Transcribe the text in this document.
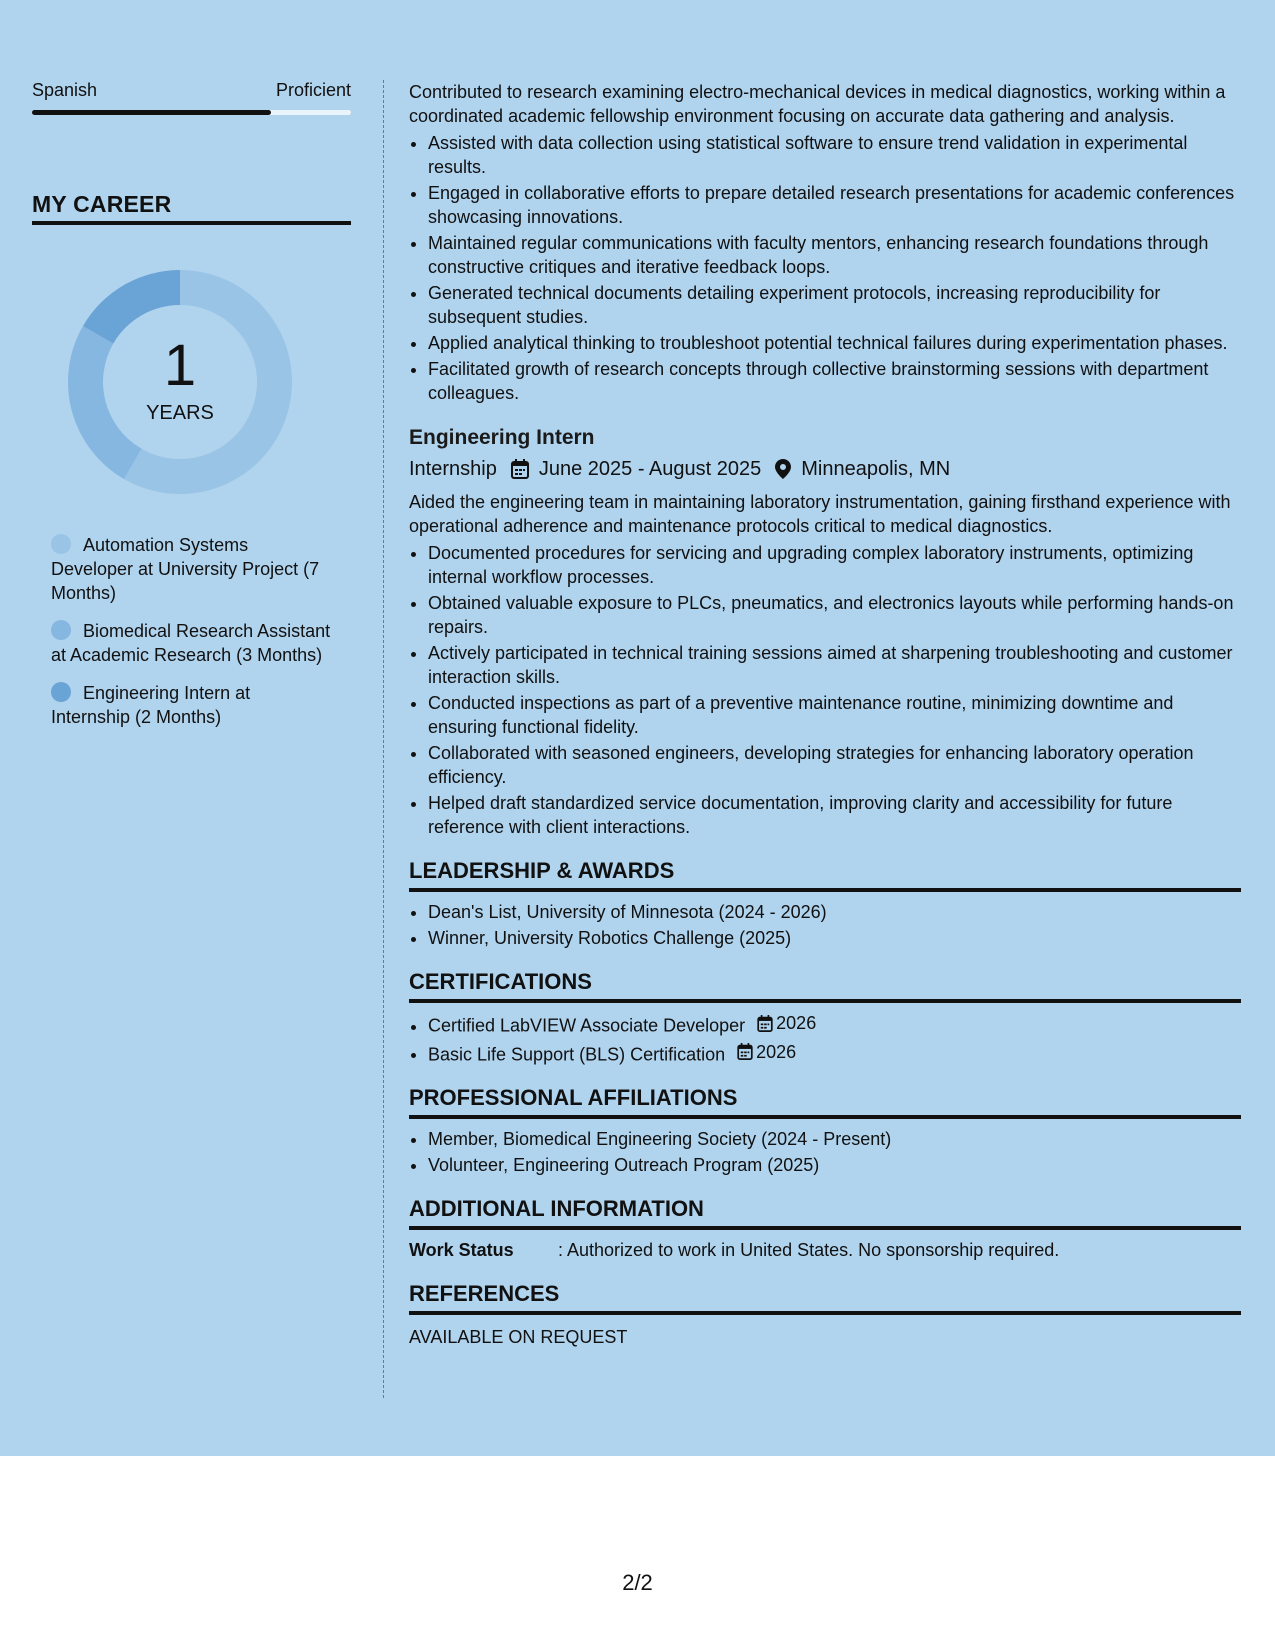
Spanish	Proficient
MY CAREER
1
YEARS
Automation Systems Developer at University Project (7 Months)
Biomedical Research Assistant at Academic Research (3 Months)
Engineering Intern at Internship (2 Months)

Contributed to research examining electro-mechanical devices in medical diagnostics, working within a coordinated academic fellowship environment focusing on accurate data gathering and analysis.

• Assisted with data collection using statistical software to ensure trend validation in experimental results.
• Engaged in collaborative efforts to prepare detailed research presentations for academic conferences showcasing innovations.
• Maintained regular communications with faculty mentors, enhancing research foundations through constructive critiques and iterative feedback loops.
• Generated technical documents detailing experiment protocols, increasing reproducibility for subsequent studies.
• Applied analytical thinking to troubleshoot potential technical failures during experimentation phases.
• Facilitated growth of research concepts through collective brainstorming sessions with department colleagues.
Engineering Intern
Internship June 2025 - August 2025 Minneapolis, MN

Aided the engineering team in maintaining laboratory instrumentation, gaining firsthand experience with operational adherence and maintenance protocols critical to medical diagnostics.

• Documented procedures for servicing and upgrading complex laboratory instruments, optimizing internal workflow processes.
• Obtained valuable exposure to PLCs, pneumatics, and electronics layouts while performing hands-on repairs.
• Actively participated in technical training sessions aimed at sharpening troubleshooting and customer interaction skills.
• Conducted inspections as part of a preventive maintenance routine, minimizing downtime and ensuring functional fidelity.
• Collaborated with seasoned engineers, developing strategies for enhancing laboratory operation efficiency.
• Helped draft standardized service documentation, improving clarity and accessibility for future reference with client interactions.
LEADERSHIP & AWARDS
• Dean's List, University of Minnesota (2024 - 2026)
• Winner, University Robotics Challenge (2025)
CERTIFICATIONS
• Certified LabVIEW Associate Developer 2026
• Basic Life Support (BLS) Certification 2026
PROFESSIONAL AFFILIATIONS
• Member, Biomedical Engineering Society (2024 - Present)
• Volunteer, Engineering Outreach Program (2025)
ADDITIONAL INFORMATION
Work Status	: Authorized to work in United States. No sponsorship required.
REFERENCES
AVAILABLE ON REQUEST
2/2
